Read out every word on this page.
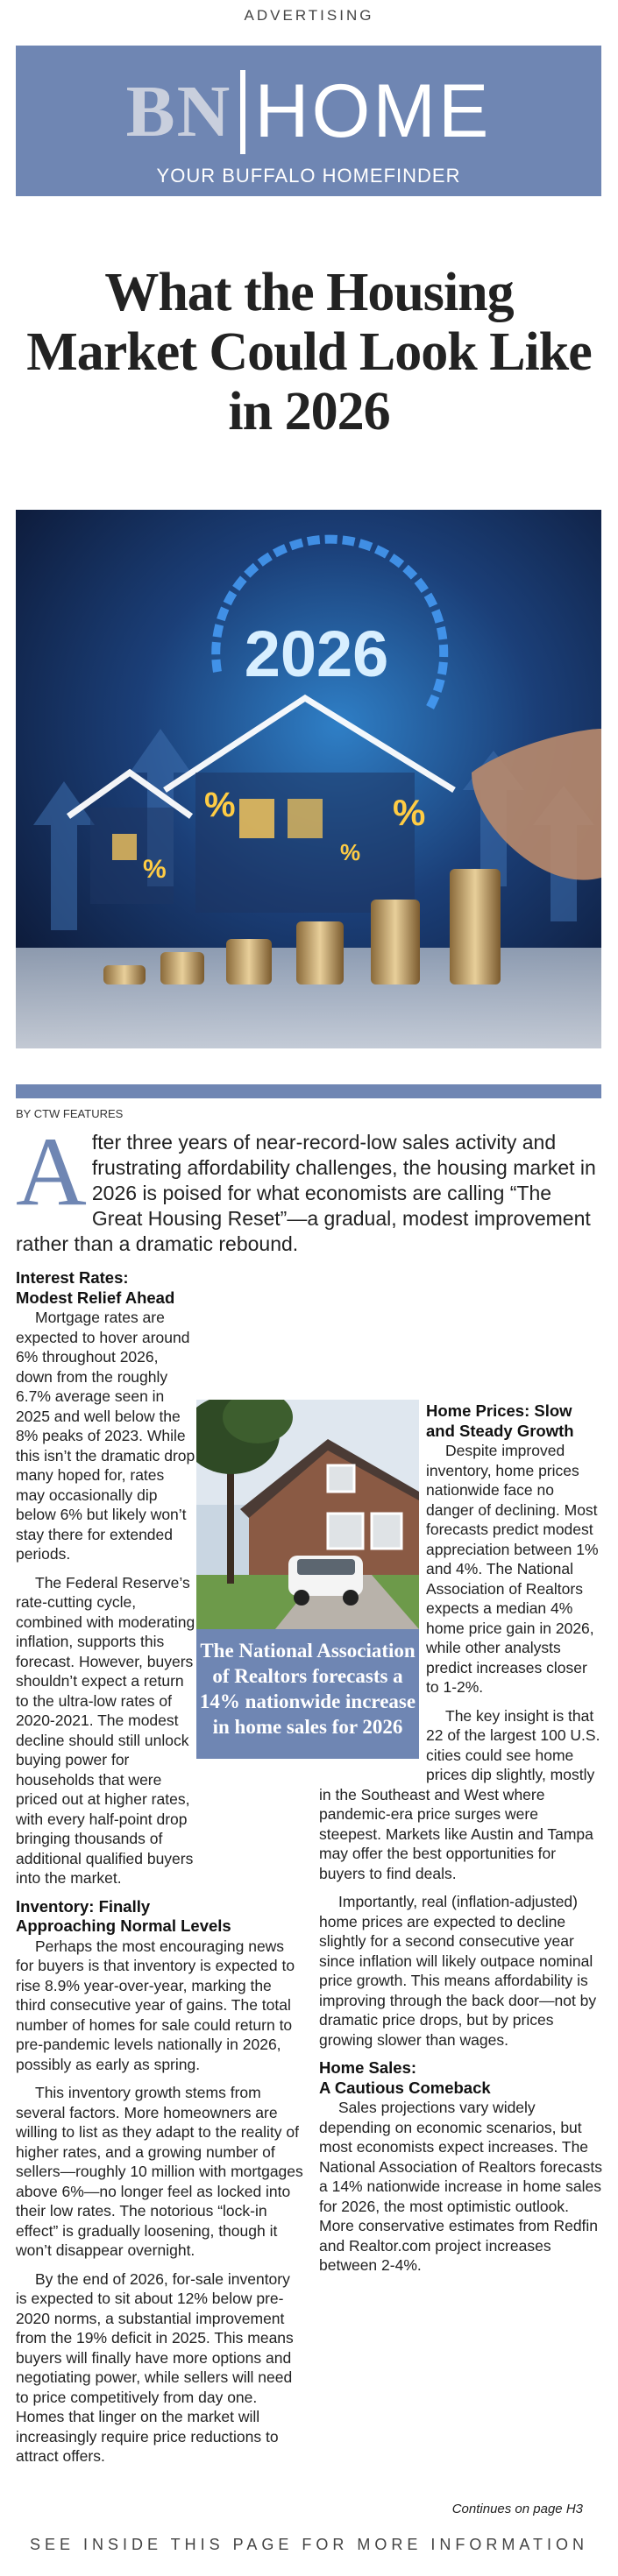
ADVERTISING
BN HOME
YOUR BUFFALO HOMEFINDER
What the Housing Market Could Look Like in 2026
2026
%
%
%
%
BY CTW FEATURES
After three years of near-record-low sales activity and frustrating affordability challenges, the housing market in 2026 is poised for what economists are calling “The Great Housing Reset”—a gradual, modest improvement rather than a dramatic rebound.
Interest Rates:
Modest Relief Ahead

Mortgage rates are expected to hover around 6% throughout 2026, down from the roughly 6.7% average seen in 2025 and well below the 8% peaks of 2023. While this isn’t the dramatic drop many hoped for, rates may occasionally dip below 6% but likely won’t stay there for extended periods.

The Federal Reserve’s rate-cutting cycle, combined with moderating inflation, supports this forecast. However, buyers shouldn’t expect a return to the ultra-low rates of 2020-2021. The modest decline should still unlock buying power for households that were priced out at higher rates, with every half-point drop bringing thousands of additional qualified buyers into the market.

Inventory: Finally
Approaching Normal Levels

Perhaps the most encouraging news for buyers is that inventory is expected to rise 8.9% year-over-year, marking the third consecutive year of gains. The total number of homes for sale could return to pre-pandemic levels nationally in 2026, possibly as early as spring.

This inventory growth stems from several factors. More homeowners are willing to list as they adapt to the reality of higher rates, and a growing number of sellers—roughly 10 million with mortgages above 6%—no longer feel as locked into their low rates. The notorious “lock-in effect” is gradually loosening, though it won’t disappear overnight.

By the end of 2026, for-sale inventory is expected to sit about 12% below pre-2020 norms, a substantial improvement from the 19% deficit in 2025. This means buyers will finally have more options and negotiating power, while sellers will need to price competitively from day one. Homes that linger on the market will increasingly require price reductions to attract offers.

Home Prices: Slow
and Steady Growth

Despite improved inventory, home prices nationwide face no danger of declining. Most forecasts predict modest appreciation between 1% and 4%. The National Association of Realtors expects a median 4% home price gain in 2026, while other analysts predict increases closer to 1-2%.

The key insight is that 22 of the largest 100 U.S. cities could see home prices dip slightly, mostly in the Southeast and West where pandemic-era price surges were steepest. Markets like Austin and Tampa may offer the best opportunities for buyers to find deals.

Importantly, real (inflation-adjusted) home prices are expected to decline slightly for a second consecutive year since inflation will likely outpace nominal price growth. This means affordability is improving through the back door—not by dramatic price drops, but by prices growing slower than wages.

Home Sales:
A Cautious Comeback

Sales projections vary widely depending on economic scenarios, but most economists expect increases. The National Association of Realtors forecasts a 14% nationwide increase in home sales for 2026, the most optimistic outlook. More conservative estimates from Redfin and Realtor.com project increases between 2-4%.

The National Association of Realtors forecasts a 14% nationwide increase in home sales for 2026
Continues on page H3
SEE INSIDE THIS PAGE FOR MORE INFORMATION
